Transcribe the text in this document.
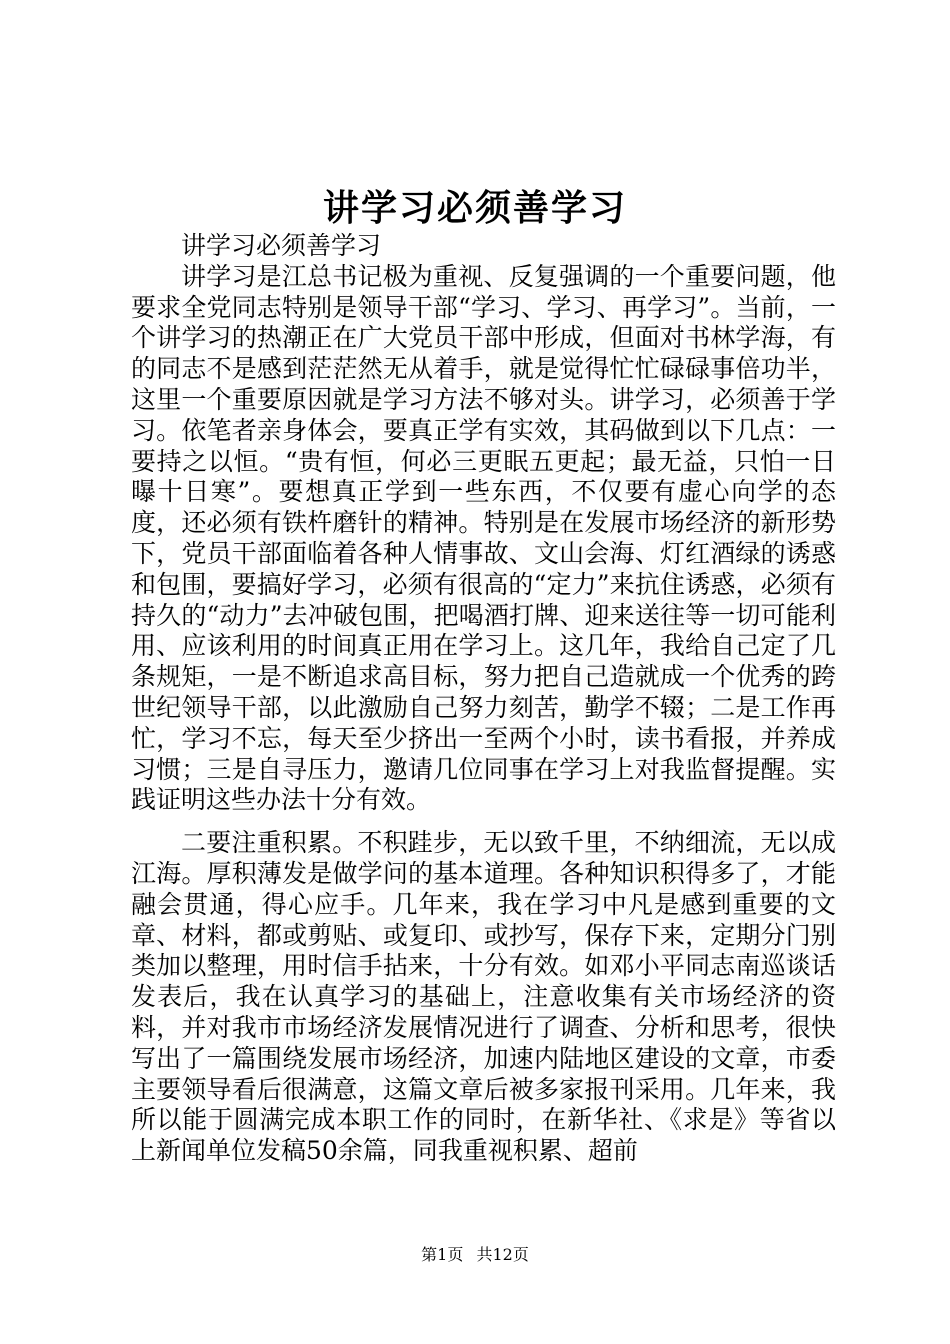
讲学习必须善学习

讲学习必须善学习

讲学习是江总书记极为重视、反复强调的一个重要问题，他要求全党同志特别是领导干部“学习、学习、再学习”。当前，一个讲学习的热潮正在广大党员干部中形成，但面对书林学海，有的同志不是感到茫茫然无从着手，就是觉得忙忙碌碌事倍功半，这里一个重要原因就是学习方法不够对头。讲学习，必须善于学习。依笔者亲身体会，要真正学有实效，其码做到以下几点：一要持之以恒。“贵有恒，何必三更眠五更起；最无益，只怕一日曝十日寒”。要想真正学到一些东西，不仅要有虚心向学的态度，还必须有铁杵磨针的精神。特别是在发展市场经济的新形势下，党员干部面临着各种人情事故、文山会海、灯红酒绿的诱惑和包围，要搞好学习，必须有很高的“定力”来抗住诱惑，必须有持久的“动力”去冲破包围，把喝酒打牌、迎来送往等一切可能利用、应该利用的时间真正用在学习上。这几年，我给自己定了几条规矩，一是不断追求高目标，努力把自己造就成一个优秀的跨世纪领导干部，以此激励自己努力刻苦，勤学不辍；二是工作再忙，学习不忘，每天至少挤出一至两个小时，读书看报，并养成习惯；三是自寻压力，邀请几位同事在学习上对我监督提醒。实践证明这些办法十分有效。

二要注重积累。不积跬步，无以致千里，不纳细流，无以成江海。厚积薄发是做学问的基本道理。各种知识积得多了，才能融会贯通，得心应手。几年来，我在学习中凡是感到重要的文章、材料，都或剪贴、或复印、或抄写，保存下来，定期分门别类加以整理，用时信手拈来，十分有效。如邓小平同志南巡谈话发表后，我在认真学习的基础上，注意收集有关市场经济的资料，并对我市市场经济发展情况进行了调查、分析和思考，很快写出了一篇围绕发展市场经济，加速内陆地区建设的文章，市委主要领导看后很满意，这篇文章后被多家报刊采用。几年来，我所以能于圆满完成本职工作的同时，在新华社、《求是》等省以上新闻单位发稿50余篇，同我重视积累、超前

第1页 共12页
